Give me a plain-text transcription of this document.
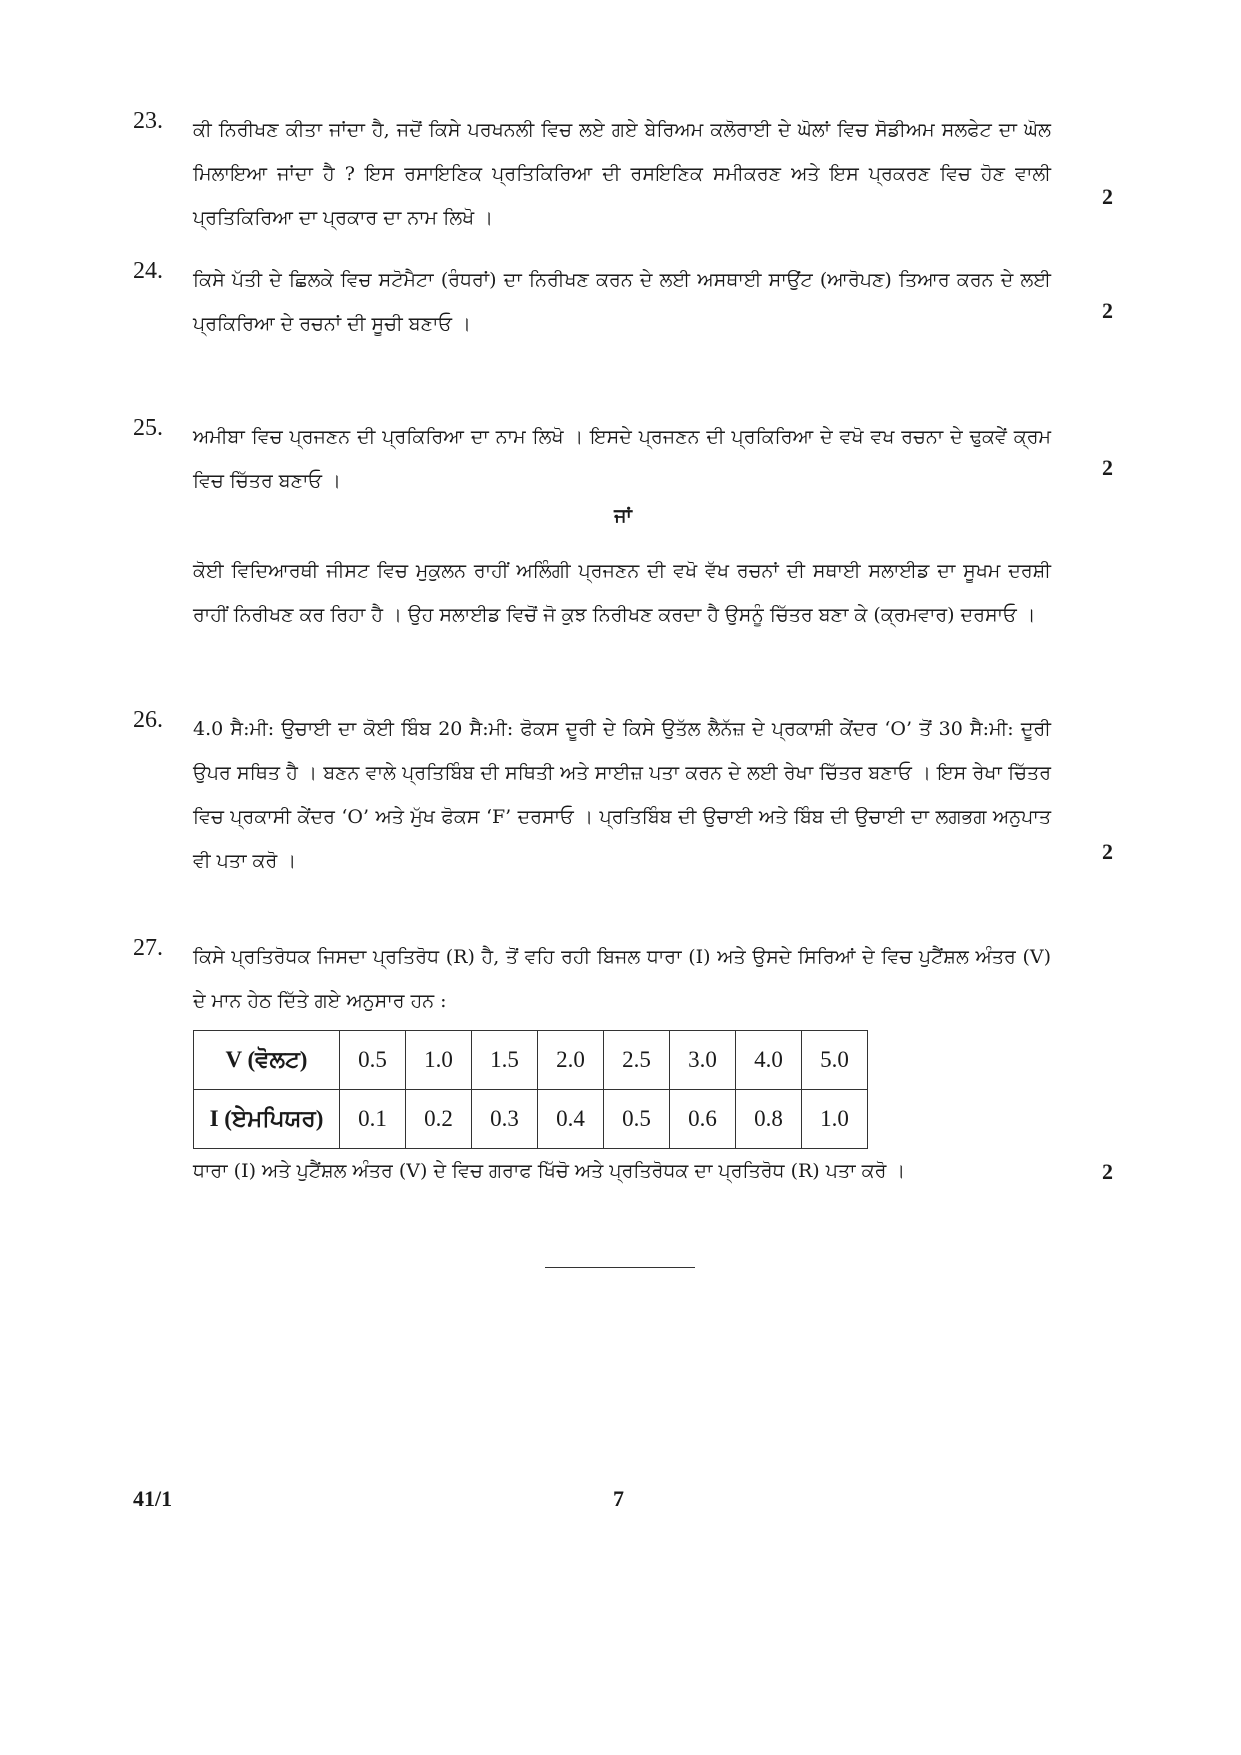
23. ਕੀ ਨਿਰੀਖਣ ਕੀਤਾ ਜਾਂਦਾ ਹੈ, ਜਦੋਂ ਕਿਸੇ ਪਰਖਨਲੀ ਵਿਚ ਲਏ ਗਏ ਬੇਰਿਅਮ ਕਲੋਰਾਈ ਦੇ ਘੋਲਾਂ ਵਿਚ ਸੋਡੀਅਮ ਸਲਫੇਟ ਦਾ ਘੋਲ ਮਿਲਾਇਆ ਜਾਂਦਾ ਹੈ ? ਇਸ ਰਸਾਇਣਿਕ ਪ੍ਰਤਿਕਿਰਿਆ ਦੀ ਰਸਇਣਿਕ ਸਮੀਕਰਣ ਅਤੇ ਇਸ ਪ੍ਰਕਰਣ ਵਿਚ ਹੋਣ ਵਾਲੀ ਪ੍ਰਤਿਕਿਰਿਆ ਦਾ ਪ੍ਰਕਾਰ ਦਾ ਨਾਮ ਲਿਖੋ ।
2
24. ਕਿਸੇ ਪੱਤੀ ਦੇ ਛਿਲਕੇ ਵਿਚ ਸਟੋਮੈਟਾ (ਰੰਧਰਾਂ) ਦਾ ਨਿਰੀਖਣ ਕਰਨ ਦੇ ਲਈ ਅਸਥਾਈ ਸਾਉਂਟ (ਆਰੋਪਣ) ਤਿਆਰ ਕਰਨ ਦੇ ਲਈ ਪ੍ਰਕਿਰਿਆ ਦੇ ਰਚਨਾਂ ਦੀ ਸੂਚੀ ਬਣਾਓ ।
2
25. ਅਮੀਬਾ ਵਿਚ ਪ੍ਰਜਣਨ ਦੀ ਪ੍ਰਕਿਰਿਆ ਦਾ ਨਾਮ ਲਿਖੋ । ਇਸਦੇ ਪ੍ਰਜਣਨ ਦੀ ਪ੍ਰਕਿਰਿਆ ਦੇ ਵਖੋ ਵਖ ਰਚਨਾ ਦੇ ਢੁਕਵੇਂ ਕ੍ਰਮ ਵਿਚ ਚਿੱਤਰ ਬਣਾਓ ।
2
ਜਾਂ
ਕੋਈ ਵਿਦਿਆਰਥੀ ਜੀਸਟ ਵਿਚ ਮੁਕੁਲਨ ਰਾਹੀਂ ਅਲਿੰਗੀ ਪ੍ਰਜਣਨ ਦੀ ਵਖੋ ਵੱਖ ਰਚਨਾਂ ਦੀ ਸਥਾਈ ਸਲਾਈਡ ਦਾ ਸੂਖਮ ਦਰਸ਼ੀ ਰਾਹੀਂ ਨਿਰੀਖਣ ਕਰ ਰਿਹਾ ਹੈ । ਉਹ ਸਲਾਈਡ ਵਿਚੋਂ ਜੋ ਕੁਝ ਨਿਰੀਖਣ ਕਰਦਾ ਹੈ ਉਸਨੂੰ ਚਿੱਤਰ ਬਣਾ ਕੇ (ਕ੍ਰਮਵਾਰ) ਦਰਸਾਓ ।
26. 4.0 ਸੈ:ਮੀ: ਉਚਾਈ ਦਾ ਕੋਈ ਬਿੰਬ 20 ਸੈ:ਮੀ: ਫੋਕਸ ਦੂਰੀ ਦੇ ਕਿਸੇ ਉਤੱਲ ਲੈਨੱਜ਼ ਦੇ ਪ੍ਰਕਾਸ਼ੀ ਕੇਂਦਰ ‘O’ ਤੋਂ 30 ਸੈ:ਮੀ: ਦੂਰੀ ਉਪਰ ਸਥਿਤ ਹੈ । ਬਣਨ ਵਾਲੇ ਪ੍ਰਤਿਬਿੰਬ ਦੀ ਸਥਿਤੀ ਅਤੇ ਸਾਈਜ਼ ਪਤਾ ਕਰਨ ਦੇ ਲਈ ਰੇਖਾ ਚਿੱਤਰ ਬਣਾਓ । ਇਸ ਰੇਖਾ ਚਿੱਤਰ ਵਿਚ ਪ੍ਰਕਾਸੀ ਕੇਂਦਰ ‘O’ ਅਤੇ ਮੁੱਖ ਫੋਕਸ ‘F’ ਦਰਸਾਓ । ਪ੍ਰਤਿਬਿੰਬ ਦੀ ਉਚਾਈ ਅਤੇ ਬਿੰਬ ਦੀ ਉਚਾਈ ਦਾ ਲਗਭਗ ਅਨੁਪਾਤ ਵੀ ਪਤਾ ਕਰੋ ।	2
27. ਕਿਸੇ ਪ੍ਰਤਿਰੋਧਕ ਜਿਸਦਾ ਪ੍ਰਤਿਰੋਧ (R) ਹੈ, ਤੋਂ ਵਹਿ ਰਹੀ ਬਿਜਲ ਧਾਰਾ (I) ਅਤੇ ਉਸਦੇ ਸਿਰਿਆਂ ਦੇ ਵਿਚ ਪੁਟੈਂਸ਼ਲ ਅੰਤਰ (V) ਦੇ ਮਾਨ ਹੇਠ ਦਿੱਤੇ ਗਏ ਅਨੁਸਾਰ ਹਨ :
V (ਵੋਲਟ)	0.5	1.0	1.5	2.0	2.5	3.0	4.0	5.0
I (ਏਮਪਿਯਰ)	0.1	0.2	0.3	0.4	0.5	0.6	0.8	1.0
ਧਾਰਾ (I) ਅਤੇ ਪੁਟੈਂਸ਼ਲ ਅੰਤਰ (V) ਦੇ ਵਿਚ ਗਰਾਫ ਖਿੱਚੋ ਅਤੇ ਪ੍ਰਤਿਰੋਧਕ ਦਾ ਪ੍ਰਤਿਰੋਧ (R) ਪਤਾ ਕਰੋ ।	2
41/1	7
